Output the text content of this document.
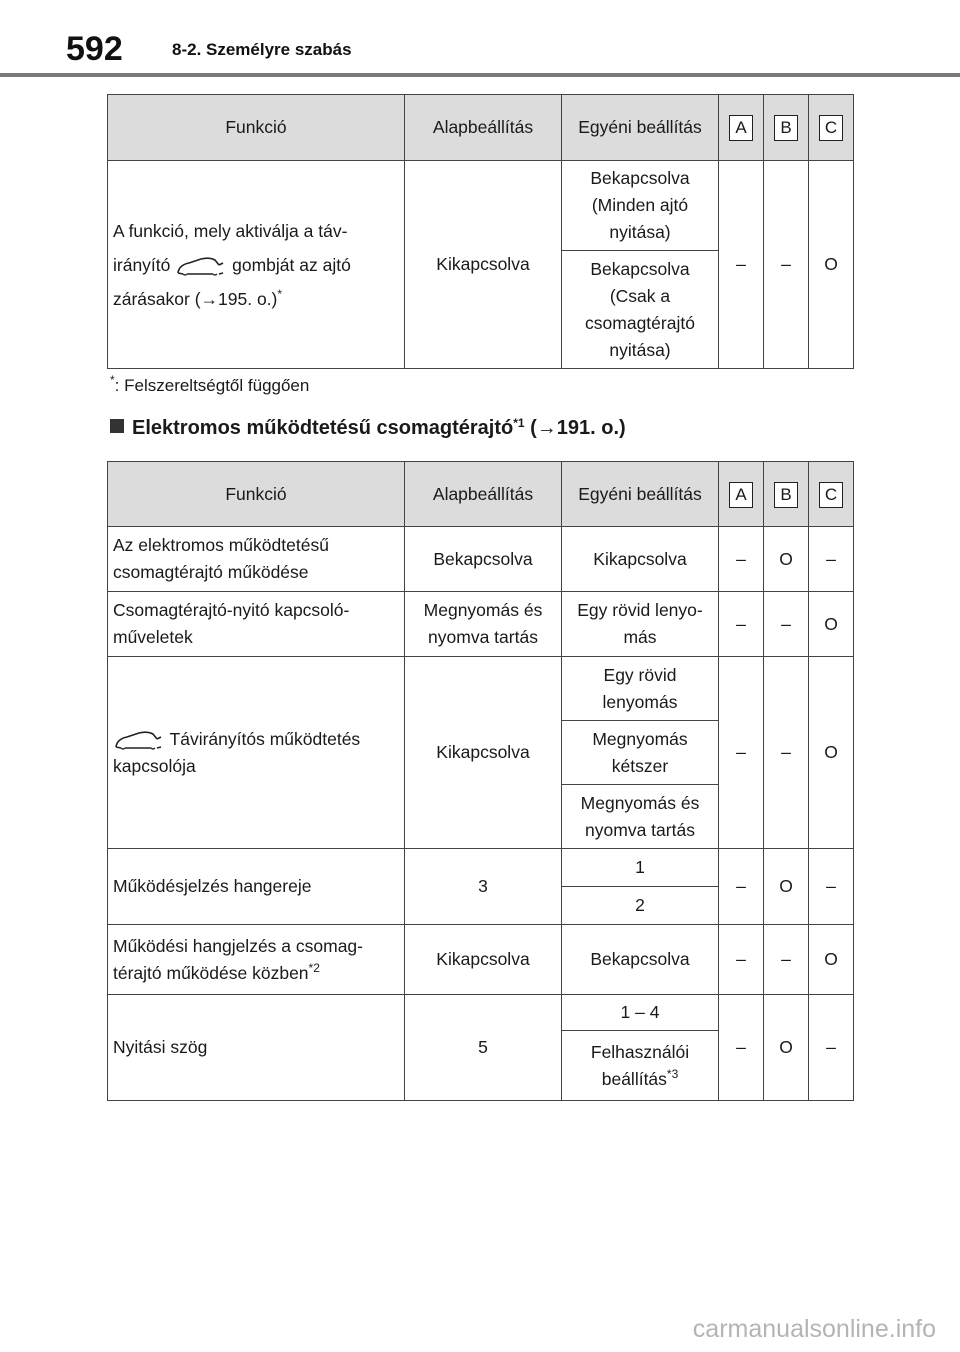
592	8-2. Személyre szabás
Funkció	Alapbeállítás	Egyéni beállítás	A	B	C
A funkció, mely aktiválja a táv-irányító gombját az ajtó zárásakor (→195. o.)*	Kikapcsolva	Bekapcsolva (Minden ajtó nyitása)	–	–	O
		Bekapcsolva (Csak a csomagtérajtó nyitása)			
*: Felszereltségtől függően
Elektromos működtetésű csomagtérajtó$^{*1}$ (→191. o.)
Funkció	Alapbeállítás	Egyéni beállítás	A	B	C
Az elektromos működtetésű csomagtérajtó működése	Bekapcsolva	Kikapcsolva	–	O	–
Csomagtérajtó-nyitó kapcsoló-műveletek	Megnyomás és nyomva tartás	Egy rövid lenyo-más	–	–	O
Távirányítós működtetés kapcsolója	Kikapcsolva	Egy rövid lenyomás	–	–	O
		Megnyomás kétszer			
		Megnyomás és nyomva tartás			
Működésjelzés hangereje	3	1	–	O	–
		2			
Működési hangjelzés a csomag-térajtó működése közben$^{*2}$	Kikapcsolva	Bekapcsolva	–	–	O
Nyitási szög	5	1 – 4	–	O	–
		Felhasználói beállítás$^{*3}$
carmanualsonline.info
